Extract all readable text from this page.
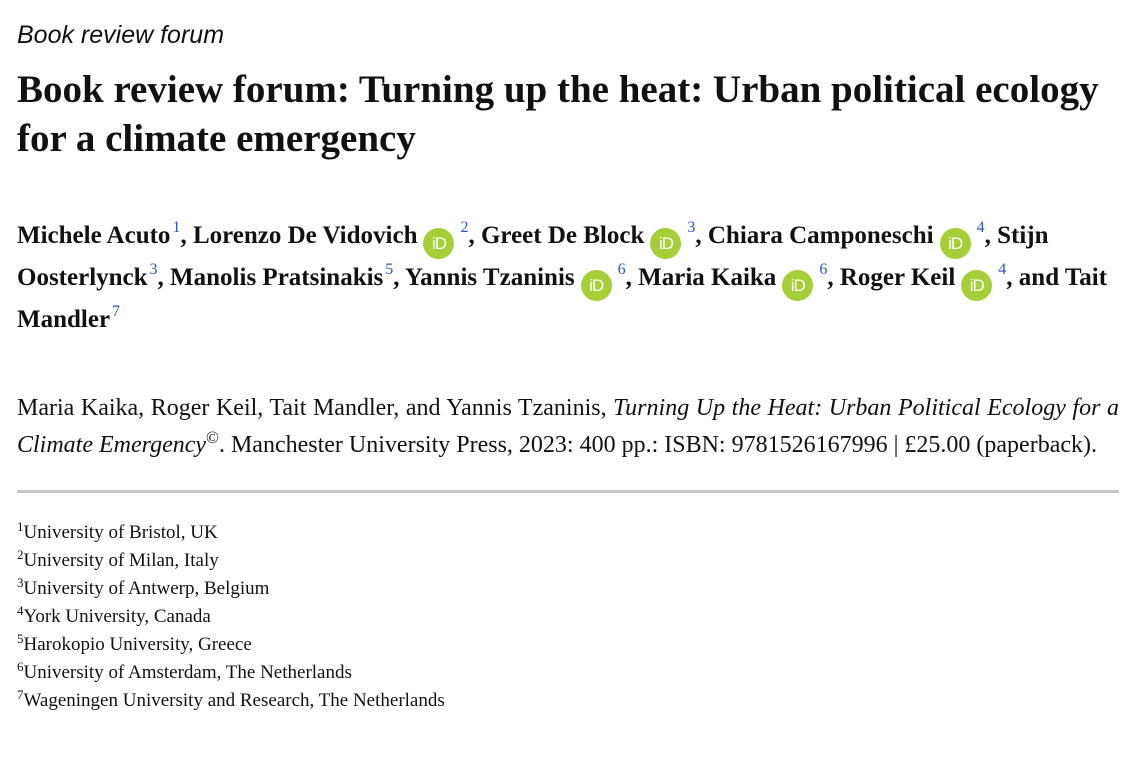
Book review forum
Book review forum: Turning up the heat: Urban political ecology for a climate emergency
Michele Acuto $^1$, Lorenzo De Vidovich $iD^2$, Greet De Block $iD^3$, Chiara Camponeschi $iD^4$, Stijn Oosterlynck $^3$, Manolis Pratsinakis $^5$, Yannis Tzaninis $iD^6$, Maria Kaika $iD^6$, Roger Keil $iD^4$, and Tait Mandler $^7$

Maria Kaika, Roger Keil, Tait Mandler, and Yannis Tzaninis, Turning Up the Heat: Urban Political Ecology for a Climate Emergency©. Manchester University Press, 2023: 400 pp.: ISBN: 9781526167996 | £25.00 (paperback).

$^1$University of Bristol, UK
$^2$University of Milan, Italy
$^3$University of Antwerp, Belgium
$^4$York University, Canada
$^5$Harokopio University, Greece
$^6$University of Amsterdam, The Netherlands
$^7$Wageningen University and Research, The Netherlands
